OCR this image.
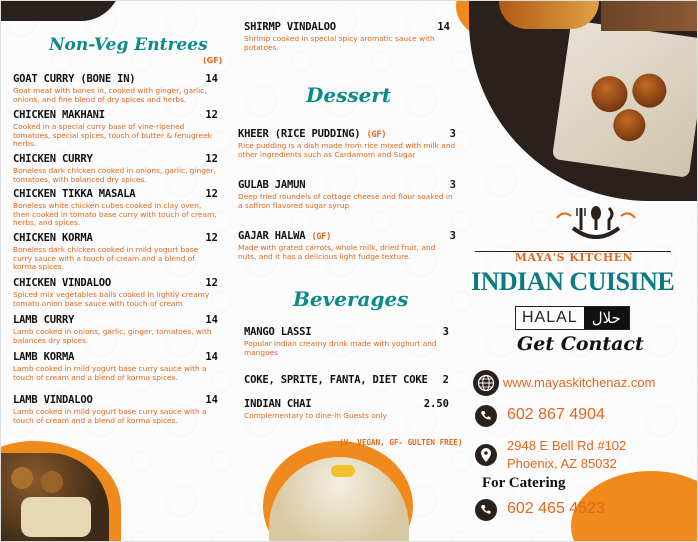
Non-Veg Entrees
(GF)
GOAT CURRY (BONE IN)	14
Goat meat with bones in, cooked with ginger, garlic, onions, and fine blend of dry spices and herbs.
CHICKEN MAKHANI	12
Cooked in a special curry base of vine-ripened tomatoes, special spices, touch of butter & fenugreek herbs.
CHICKEN CURRY	12
Boneless dark chicken cooked in onions, garlic, ginger, tomatoes, with balanced dry spices.
CHICKEN TIKKA MASALA	12
Boneless white chicken cubes cooked in clay oven, then cooked in tomato base curry with touch of cream, herbs, and spices.
CHICKEN KORMA	12
Boneless dark chicken cooked in mild yogurt base curry sauce with a touch of cream and a blend of korma spices.
CHICKEN VINDALOO	12
Spiced mix vegetables balls cooked in lightly creamy tomato onion base sauce with touch of cream
LAMB CURRY	14
Lamb cooked in onions, garlic, ginger, tomatoes, with balances dry spices.
LAMB KORMA	14
Lamb cooked in mild yogurt base curry sauce with a touch of cream and a blend of korma spices.
LAMB VINDALOO	14
Lamb cooked in mild yogurt base curry sauce with a touch of cream and a blend of korma spices.
SHIRMP VINDALOO	14
Shrimp cooked in special spicy aromatic sauce with potatoes.
Dessert
KHEER (RICE PUDDING) (GF)	3
Rice pudding is a dish made from rice mixed with milk and other ingredients such as Cardamom and Sugar
GULAB JAMUN	3
Deep fried roundels of cottage cheese and flour soaked in a saffron flavored sugar syrup
GAJAR HALWA (GF)	3
Made with grated carrots, whole milk, dried fruit, and nuts, and it has a delicious light fudge texture.
Beverages
MANGO LASSI	3
Popular indian creamy drink made with yoghurt and mangoes
COKE, SPRITE, FANTA, DIET COKE	2
INDIAN CHAI	2.50
Complementary to dine-in Guests only
(V- VEGAN, GF- GULTEN FREE)
MAYA'S KITCHEN
INDIAN CUISINE
HALAL حلال
Get Contact
www.mayaskitchenaz.com
602 867 4904
2948 E Bell Rd #102
Phoenix, AZ 85032
For Catering
602 465 4523
